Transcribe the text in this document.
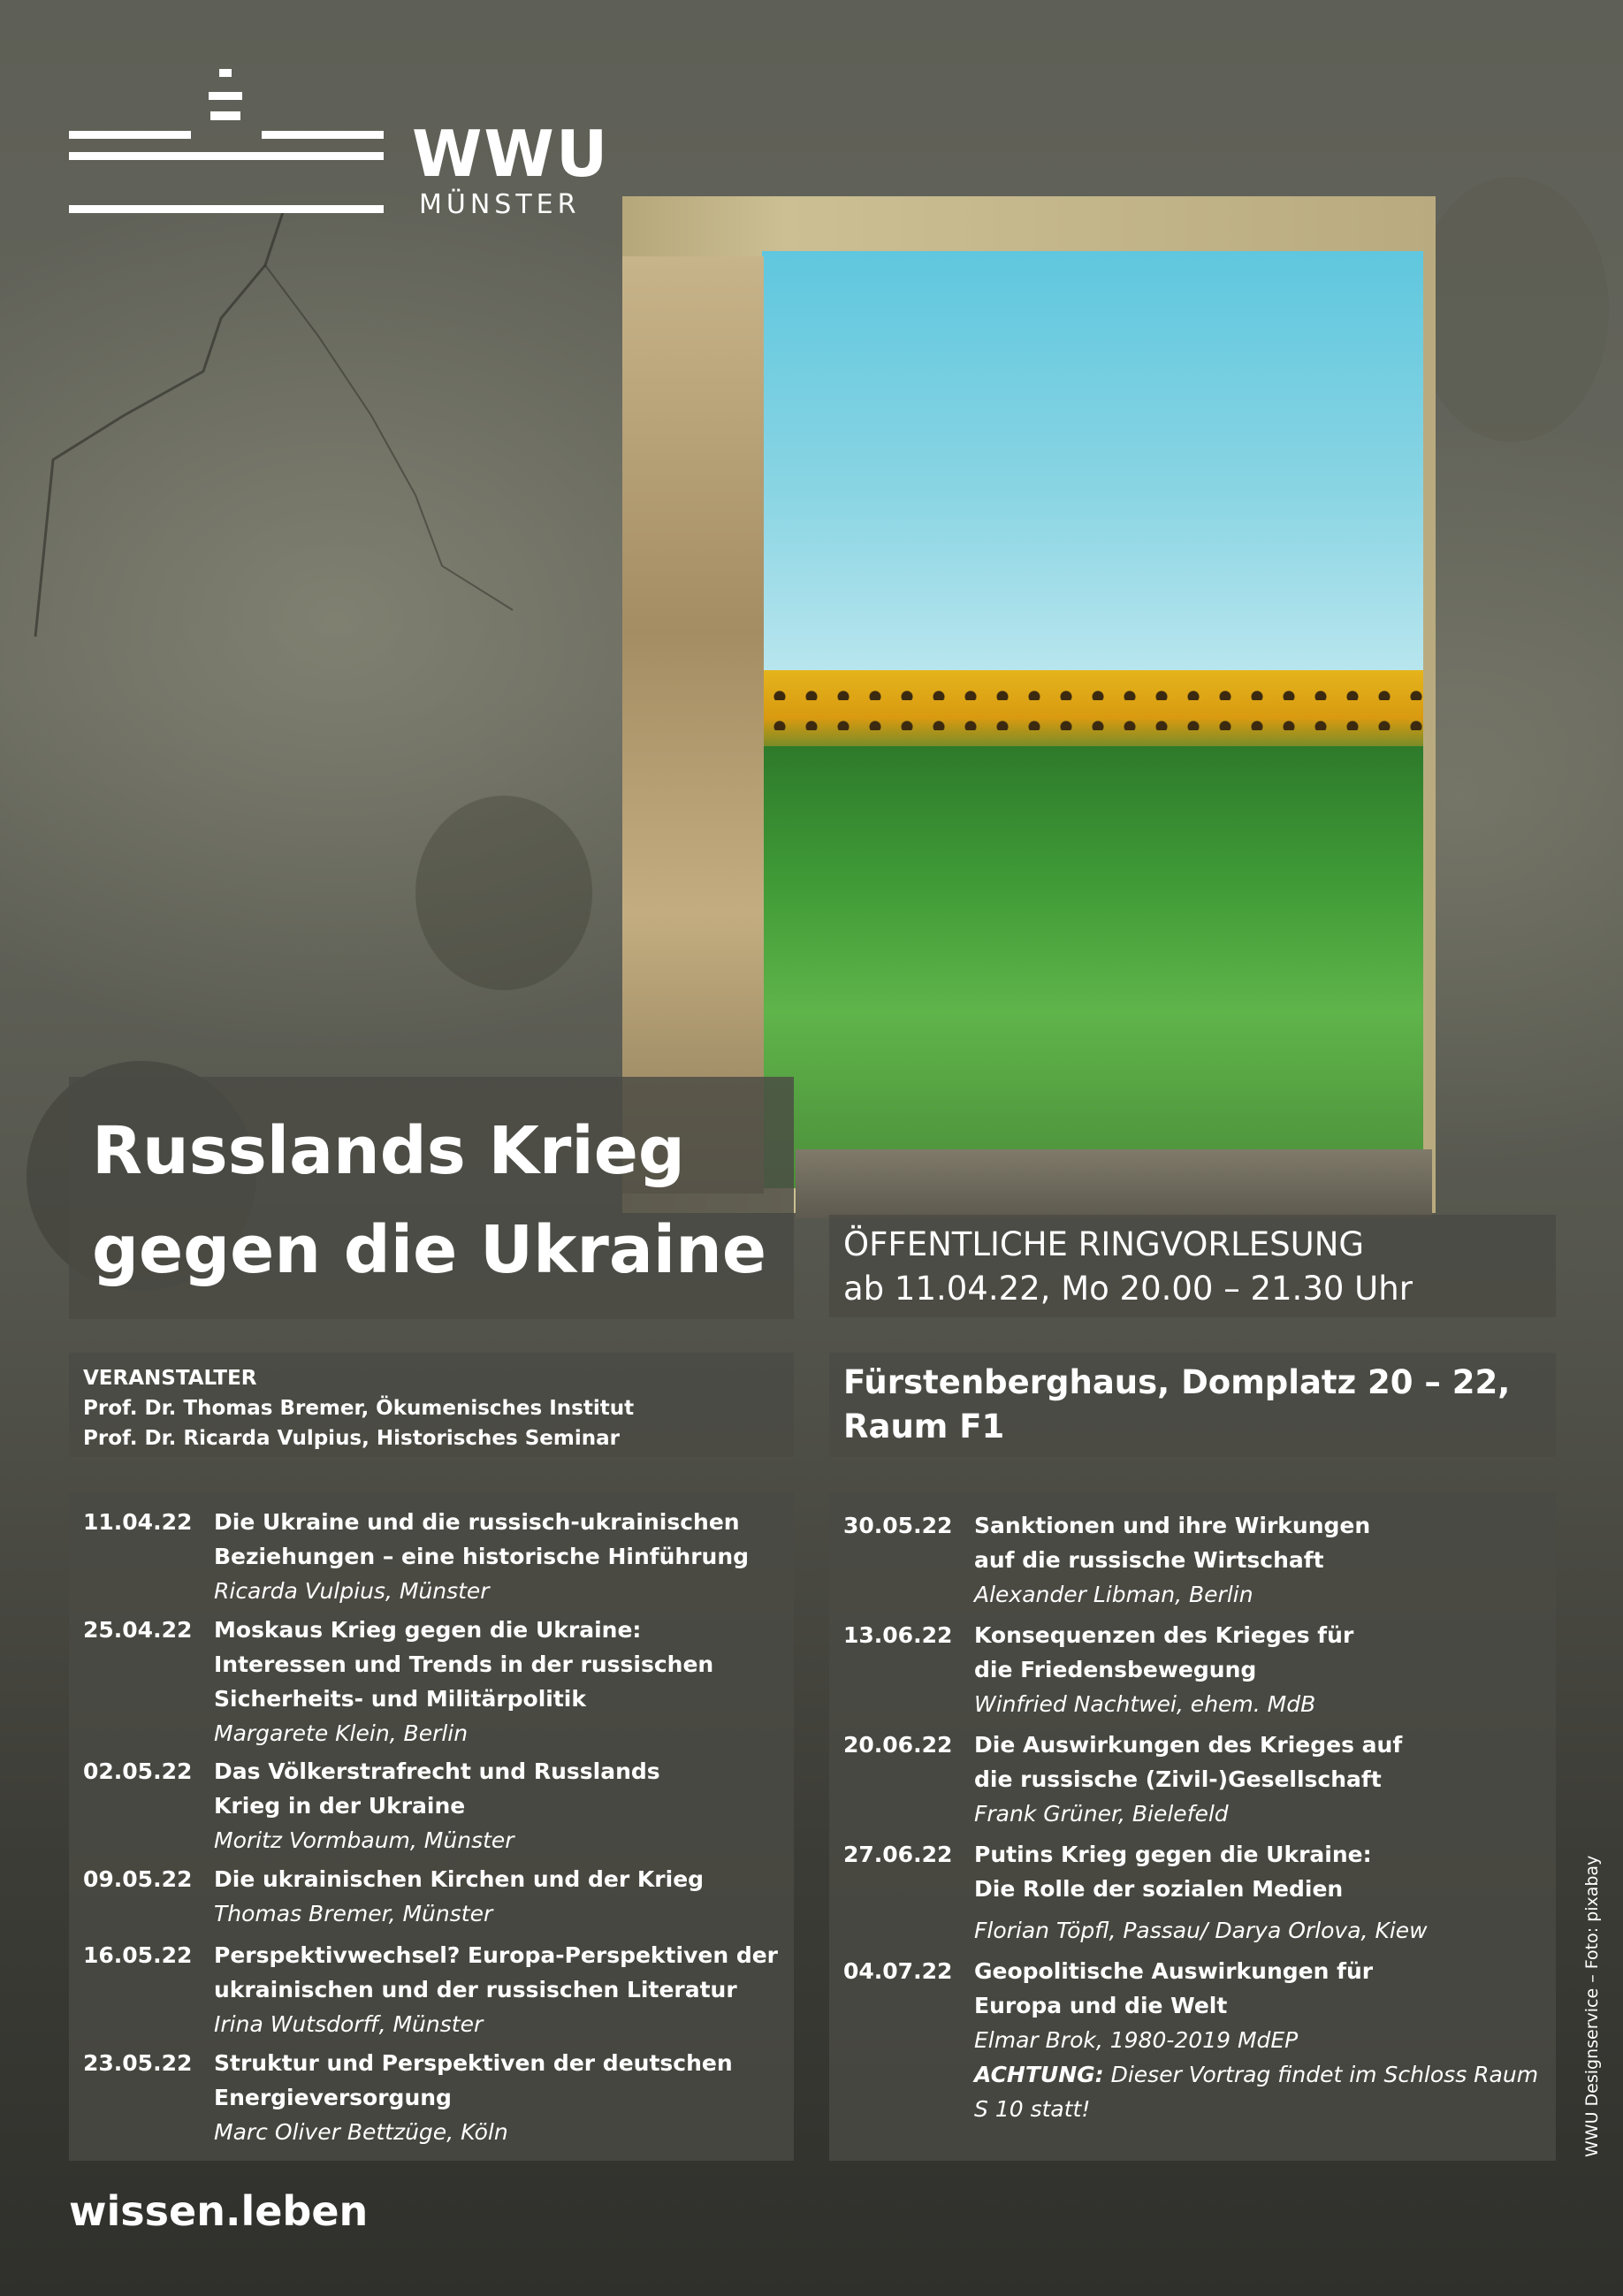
WWU
MÜNSTER
Russlands Krieg
gegen die Ukraine ÖFFENTLICHE RINGVORLESUNG
ab 11.04.22, Mo 20.00 – 21.30 Uhr
VERANSTALTER
Prof. Dr. Thomas Bremer, Ökumenisches Institut
Prof. Dr. Ricarda Vulpius, Historisches Seminar
Fürstenberghaus, Domplatz 20 – 22,
Raum F1
11.04.22 Die Ukraine und die russisch-ukrainischen
Beziehungen – eine historische Hinführung
Ricarda Vulpius, Münster
25.04.22 Moskaus Krieg gegen die Ukraine:
Interessen und Trends in der russischen
Sicherheits- und Militärpolitik
Margarete Klein, Berlin
02.05.22 Das Völkerstrafrecht und Russlands
Krieg in der Ukraine
Moritz Vormbaum, Münster
09.05.22 Die ukrainischen Kirchen und der Krieg
Thomas Bremer, Münster
16.05.22 Perspektivwechsel? Europa-Perspektiven der
ukrainischen und der russischen Literatur
Irina Wutsdorff, Münster
23.05.22 Struktur und Perspektiven der deutschen
Energieversorgung
Marc Oliver Bettzüge, Köln
30.05.22 Sanktionen und ihre Wirkungen
auf die russische Wirtschaft
Alexander Libman, Berlin
13.06.22 Konsequenzen des Krieges für
die Friedensbewegung
Winfried Nachtwei, ehem. MdB
20.06.22 Die Auswirkungen des Krieges auf
die russische (Zivil-)Gesellschaft
Frank Grüner, Bielefeld
27.06.22 Putins Krieg gegen die Ukraine:
Die Rolle der sozialen Medien
Florian Töpfl, Passau/ Darya Orlova, Kiew
04.07.22 Geopolitische Auswirkungen für
Europa und die Welt
Elmar Brok, 1980-2019 MdEP
ACHTUNG: Dieser Vortrag findet im Schloss Raum S 10 statt!
wissen.leben
WWU Designservice – Foto: pixabay
